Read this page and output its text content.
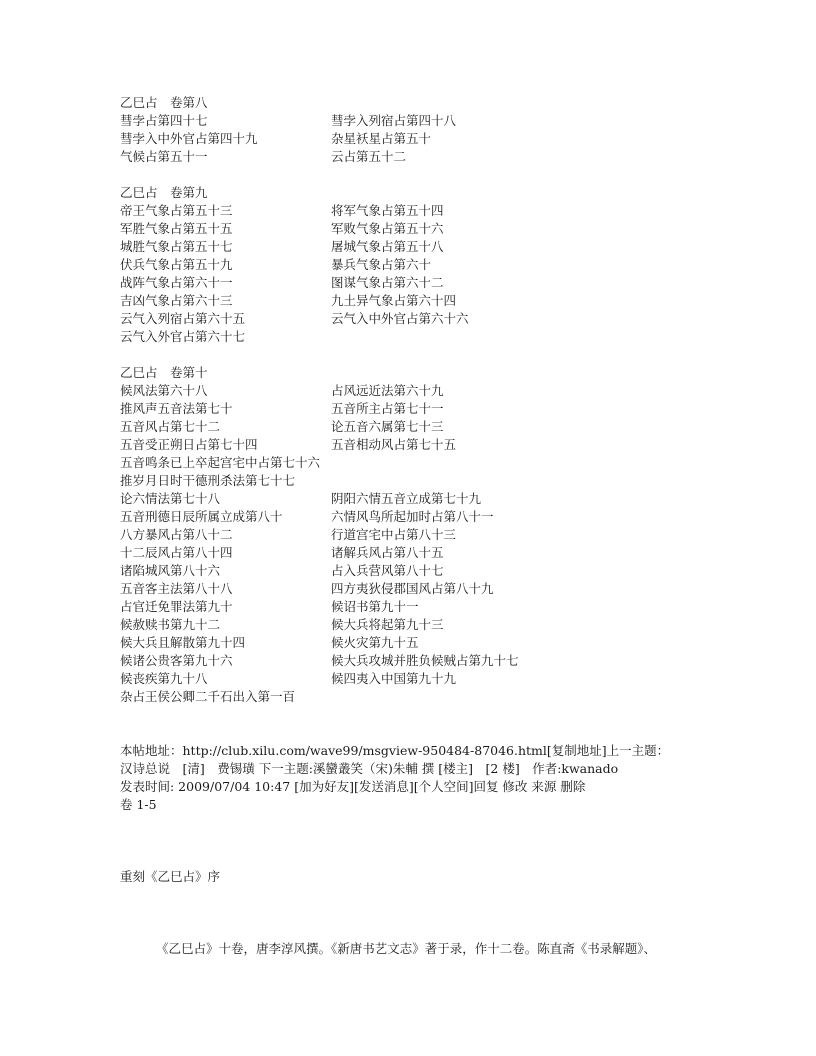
乙巳占　卷第八
彗孛占第四十七	彗孛入列宿占第四十八
彗孛入中外官占第四十九	杂星袄星占第五十
气候占第五十一	云占第五十二
乙巳占　卷第九
帝王气象占第五十三	将军气象占第五十四
军胜气象占第五十五	军败气象占第五十六
城胜气象占第五十七	屠城气象占第五十八
伏兵气象占第五十九	暴兵气象占第六十
战阵气象占第六十一	图谋气象占第六十二
吉凶气象占第六十三	九土异气象占第六十四
云气入列宿占第六十五	云气入中外官占第六十六
云气入外官占第六十七
乙巳占　卷第十
候风法第六十八	占风远近法第六十九
推风声五音法第七十	五音所主占第七十一
五音风占第七十二	论五音六属第七十三
五音受正朔日占第七十四	五音相动风占第七十五
五音鸣条已上卒起宫宅中占第七十六
推岁月日时干德刑杀法第七十七
论六情法第七十八	阴阳六情五音立成第七十九
五音刑德日辰所属立成第八十	六情风鸟所起加时占第八十一
八方暴风占第八十二	行道宫宅中占第八十三
十二辰风占第八十四	诸解兵风占第八十五
诸陷城风第八十六	占入兵营风第八十七
五音客主法第八十八	四方夷狄侵郡国风占第八十九
占官迁免罪法第九十	候诏书第九十一
候赦赎书第九十二	候大兵将起第九十三
候大兵且解散第九十四	候火灾第九十五
候诸公贵客第九十六	候大兵攻城并胜负候贼占第九十七
候丧疾第九十八	候四夷入中国第九十九
杂占王侯公卿二千石出入第一百
本帖地址：http://club.xilu.com/wave99/msgview-950484-87046.html[复制地址]上一主题：
汉诗总说　[清]　费锡璜 下一主题:溪蠻叢笑（宋)朱輔 撰 [楼主]　[2 楼]　作者:kwanado
发表时间: 2009/07/04 10:47 [加为好友][发送消息][个人空间]回复 修改 来源 删除
卷 1-5
重刻《乙巳占》序
《乙巳占》十卷，唐李淳风撰。《新唐书艺文志》著于录，作十二卷。陈直斋《书录解题》、
